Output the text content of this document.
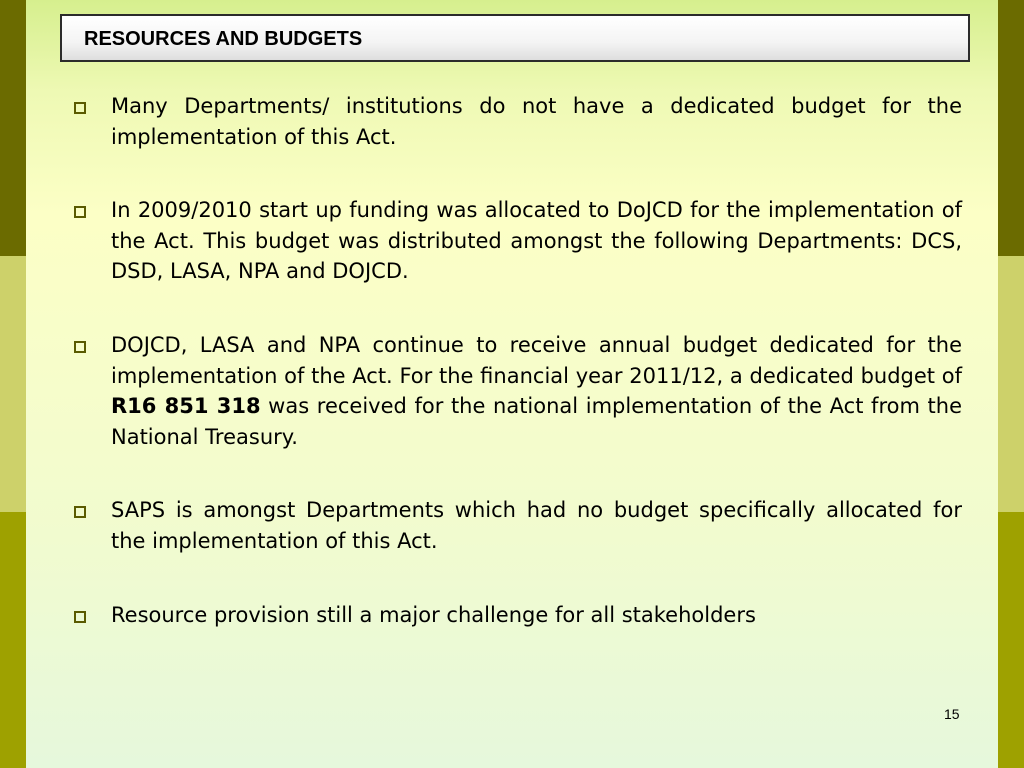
RESOURCES AND BUDGETS

Many Departments/ institutions do not have a dedicated budget for the implementation of this Act.

In 2009/2010 start up funding was allocated to DoJCD for the implementation of the Act. This budget was distributed amongst the following Departments: DCS, DSD, LASA, NPA and DOJCD.

DOJCD, LASA and NPA continue to receive annual budget dedicated for the implementation of the Act. For the financial year 2011/12, a dedicated budget of R16 851 318 was received for the national implementation of the Act from the National Treasury.

SAPS is amongst Departments which had no budget specifically allocated for the implementation of this Act.

Resource provision still a major challenge for all stakeholders

15
